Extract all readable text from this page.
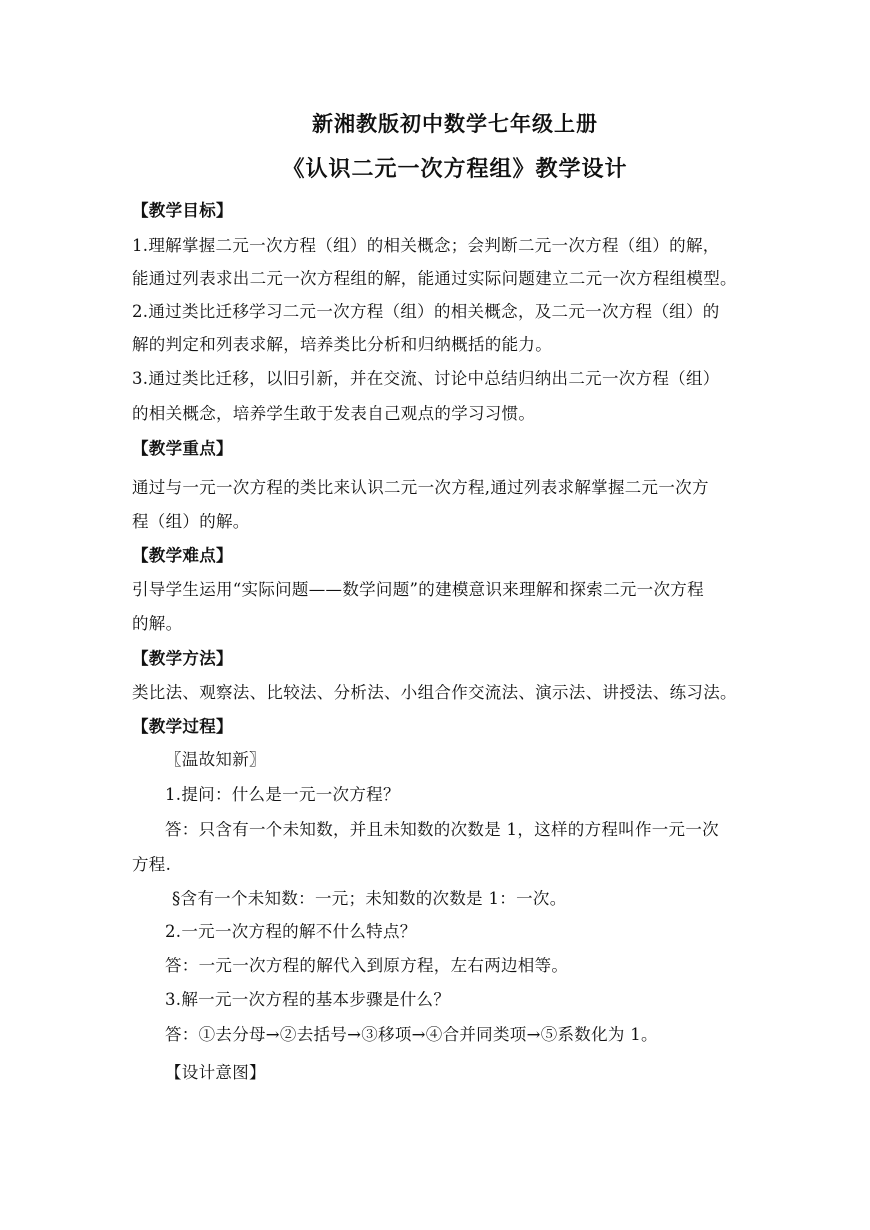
新湘教版初中数学七年级上册
《认识二元一次方程组》教学设计
【教学目标】
1.理解掌握二元一次方程（组）的相关概念；会判断二元一次方程（组）的解，
能通过列表求出二元一次方程组的解，能通过实际问题建立二元一次方程组模型。
2.通过类比迁移学习二元一次方程（组）的相关概念，及二元一次方程（组）的
解的判定和列表求解，培养类比分析和归纳概括的能力。
3.通过类比迁移，以旧引新，并在交流、讨论中总结归纳出二元一次方程（组）
的相关概念，培养学生敢于发表自己观点的学习习惯。
【教学重点】
通过与一元一次方程的类比来认识二元一次方程,通过列表求解掌握二元一次方
程（组）的解。
【教学难点】
引导学生运用“实际问题——数学问题”的建模意识来理解和探索二元一次方程
的解。
【教学方法】
类比法、观察法、比较法、分析法、小组合作交流法、演示法、讲授法、练习法。
【教学过程】
〖温故知新〗
1.提问：什么是一元一次方程？
答：只含有一个未知数，并且未知数的次数是 1，这样的方程叫作一元一次
方程.
§含有一个未知数：一元；未知数的次数是 1：一次。
2.一元一次方程的解不什么特点？
答：一元一次方程的解代入到原方程，左右两边相等。
3.解一元一次方程的基本步骤是什么？
答：①去分母→②去括号→③移项→④合并同类项→⑤系数化为 1。
【设计意图】
